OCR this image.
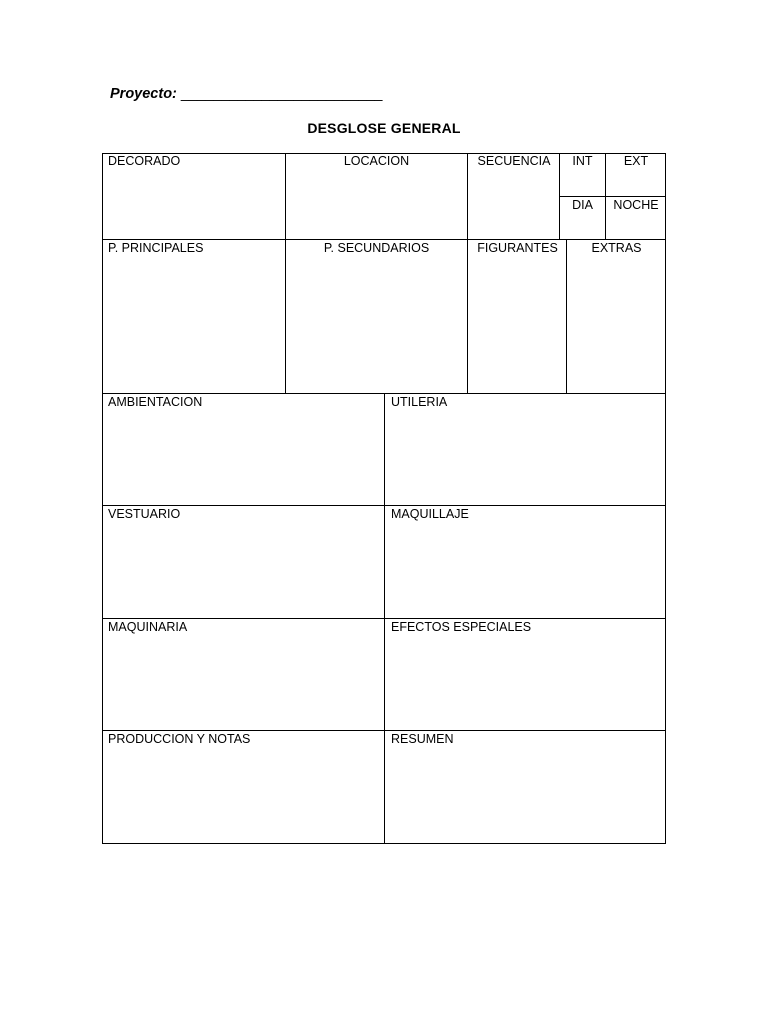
Proyecto: _________________________
DESGLOSE GENERAL
DECORADO	LOCACION	SECUENCIA	INT	EXT
DIA	NOCHE
P. PRINCIPALES	P. SECUNDARIOS	FIGURANTES	EXTRAS
AMBIENTACION	UTILERIA
VESTUARIO	MAQUILLAJE
MAQUINARIA	EFECTOS ESPECIALES
PRODUCCION Y NOTAS	RESUMEN
